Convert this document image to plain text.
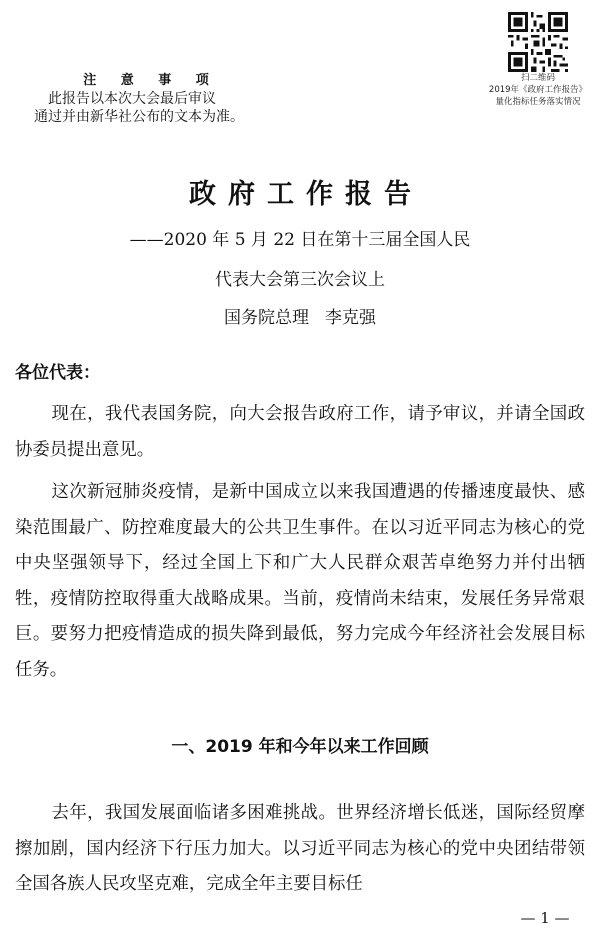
注 意 事 项
此报告以本次大会最后审议
通过并由新华社公布的文本为准。
扫二维码
2019年《政府工作报告》
量化指标任务落实情况
政府工作报告
——2020 年 5 月 22 日在第十三届全国人民
代表大会第三次会议上
国务院总理 李克强
各位代表：
现在，我代表国务院，向大会报告政府工作，请予审议，并请全国政协委员提出意见。
这次新冠肺炎疫情，是新中国成立以来我国遭遇的传播速度最快、感染范围最广、防控难度最大的公共卫生事件。在以习近平同志为核心的党中央坚强领导下，经过全国上下和广大人民群众艰苦卓绝努力并付出牺牲，疫情防控取得重大战略成果。当前，疫情尚未结束，发展任务异常艰巨。要努力把疫情造成的损失降到最低，努力完成今年经济社会发展目标任务。
一、2019 年和今年以来工作回顾
去年，我国发展面临诸多困难挑战。世界经济增长低迷，国际经贸摩擦加剧，国内经济下行压力加大。以习近平同志为核心的党中央团结带领全国各族人民攻坚克难，完成全年主要目标任
— 1 —
